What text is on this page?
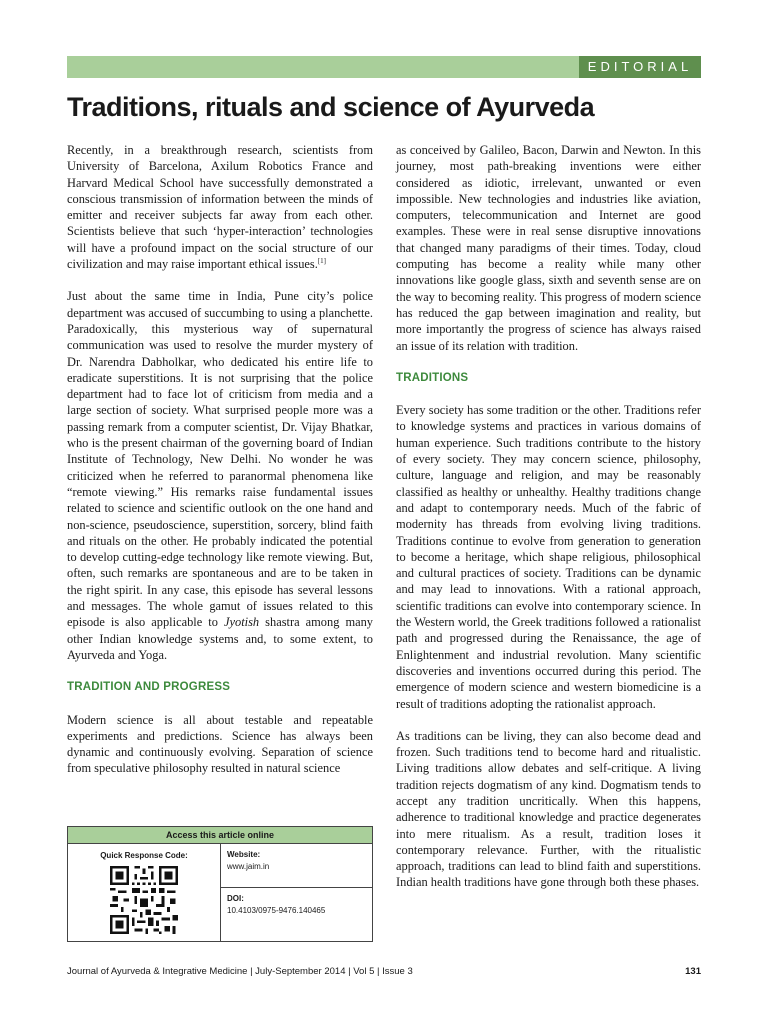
EDITORIAL
Traditions, rituals and science of Ayurveda

Recently, in a breakthrough research, scientists from University of Barcelona, Axilum Robotics France and Harvard Medical School have successfully demonstrated a conscious transmission of information between the minds of emitter and receiver subjects far away from each other. Scientists believe that such ‘hyper-interaction’ technologies will have a profound impact on the social structure of our civilization and may raise important ethical issues.[1]

Just about the same time in India, Pune city’s police department was accused of succumbing to using a planchette. Paradoxically, this mysterious way of supernatural communication was used to resolve the murder mystery of Dr. Narendra Dabholkar, who dedicated his entire life to eradicate superstitions. It is not surprising that the police department had to face lot of criticism from media and a large section of society. What surprised people more was a passing remark from a computer scientist, Dr. Vijay Bhatkar, who is the present chairman of the governing board of Indian Institute of Technology, New Delhi. No wonder he was criticized when he referred to paranormal phenomena like “remote viewing.” His remarks raise fundamental issues related to science and scientific outlook on the one hand and non-science, pseudoscience, superstition, sorcery, blind faith and rituals on the other. He probably indicated the potential to develop cutting-edge technology like remote viewing. But, often, such remarks are spontaneous and are to be taken in the right spirit. In any case, this episode has several lessons and messages. The whole gamut of issues related to this episode is also applicable to Jyotish shastra among many other Indian knowledge systems and, to some extent, to Ayurveda and Yoga.

TRADITION AND PROGRESS

Modern science is all about testable and repeatable experiments and predictions. Science has always been dynamic and continuously evolving. Separation of science from speculative philosophy resulted in natural science

Access this article online
Quick Response Code:	Website:
www.jaim.in
DOI:
10.4103/0975-9476.140465

as conceived by Galileo, Bacon, Darwin and Newton. In this journey, most path-breaking inventions were either considered as idiotic, irrelevant, unwanted or even impossible. New technologies and industries like aviation, computers, telecommunication and Internet are good examples. These were in real sense disruptive innovations that changed many paradigms of their times. Today, cloud computing has become a reality while many other innovations like google glass, sixth and seventh sense are on the way to becoming reality. This progress of modern science has reduced the gap between imagination and reality, but more importantly the progress of science has always raised an issue of its relation with tradition.

TRADITIONS

Every society has some tradition or the other. Traditions refer to knowledge systems and practices in various domains of human experience. Such traditions contribute to the history of every society. They may concern science, philosophy, culture, language and religion, and may be reasonably classified as healthy or unhealthy. Healthy traditions change and adapt to contemporary needs. Much of the fabric of modernity has threads from evolving living traditions. Traditions continue to evolve from generation to generation to become a heritage, which shape religious, philosophical and cultural practices of society. Traditions can be dynamic and may lead to innovations. With a rational approach, scientific traditions can evolve into contemporary science. In the Western world, the Greek traditions followed a rationalist path and progressed during the Renaissance, the age of Enlightenment and industrial revolution. Many scientific discoveries and inventions occurred during this period. The emergence of modern science and western biomedicine is a result of traditions adopting the rationalist approach.

As traditions can be living, they can also become dead and frozen. Such traditions tend to become hard and ritualistic. Living traditions allow debates and self-critique. A living tradition rejects dogmatism of any kind. Dogmatism tends to accept any tradition uncritically. When this happens, adherence to traditional knowledge and practice degenerates into mere ritualism. As a result, tradition loses it contemporary relevance. Further, with the ritualistic approach, traditions can lead to blind faith and superstitions. Indian health traditions have gone through both these phases.

Journal of Ayurveda & Integrative Medicine | July-September 2014 | Vol 5 | Issue 3	131
